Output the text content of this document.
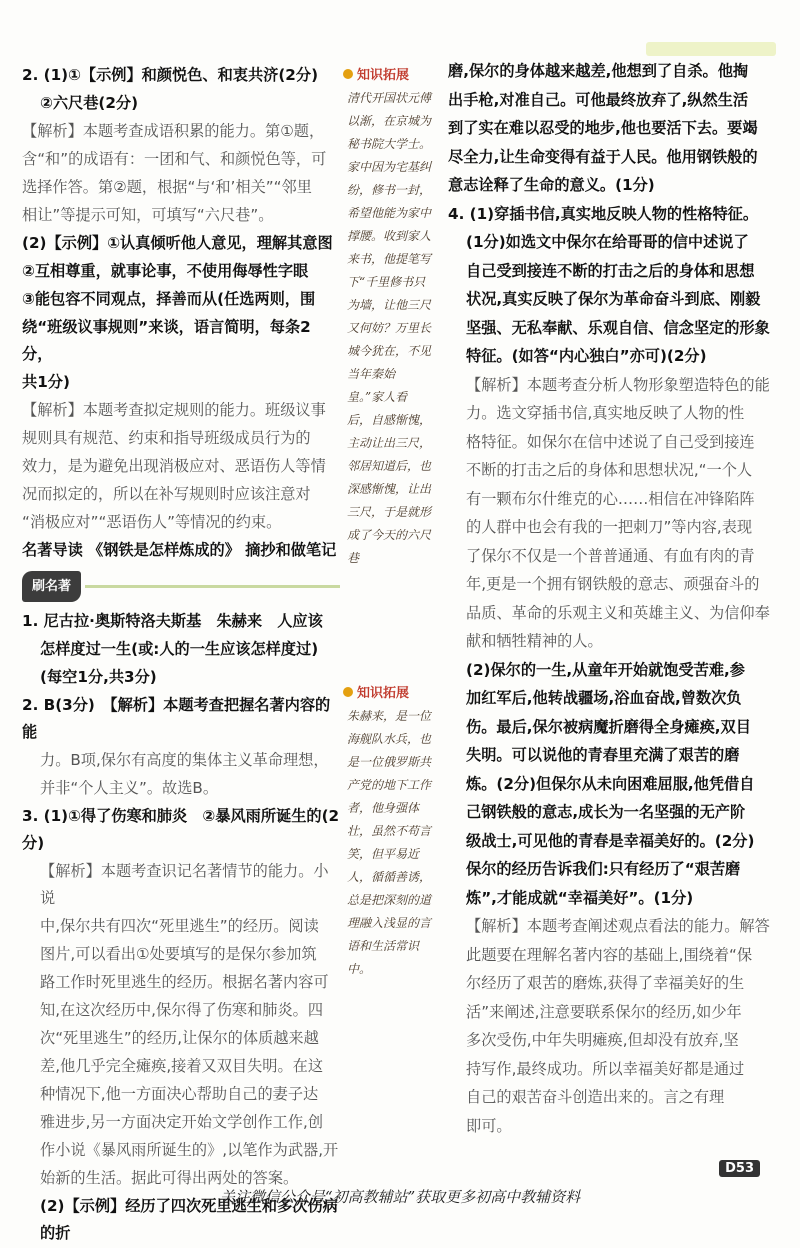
2. (1)①【示例】和颜悦色、和衷共济(2分)
②六尺巷(2分)
【解析】本题考查成语积累的能力。第①题，
含“和”的成语有：一团和气、和颜悦色等，可
选择作答。第②题，根据“与‘和’相关”“邻里
相让”等提示可知，可填写“六尺巷”。
(2)【示例】①认真倾听他人意见，理解其意图
②互相尊重，就事论事，不使用侮辱性字眼
③能包容不同观点，择善而从(任选两则，围
绕“班级议事规则”来谈，语言简明，每条2分，
共1分)
【解析】本题考查拟定规则的能力。班级议事
规则具有规范、约束和指导班级成员行为的
效力，是为避免出现消极应对、恶语伤人等情
况而拟定的，所以在补写规则时应该注意对
“消极应对”“恶语伤人”等情况的约束。
名著导读 《钢铁是怎样炼成的》 摘抄和做笔记
刷名著
1. 尼古拉·奥斯特洛夫斯基　朱赫来　人应该
怎样度过一生(或:人的一生应该怎样度过)
(每空1分,共3分)
2. B(3分)　【解析】本题考查把握名著内容的能
力。B项,保尔有高度的集体主义革命理想，
并非“个人主义”。故选B。
3. (1)①得了伤寒和肺炎　②暴风雨所诞生的(2分)
【解析】本题考查识记名著情节的能力。小说
中,保尔共有四次“死里逃生”的经历。阅读
图片,可以看出①处要填写的是保尔参加筑
路工作时死里逃生的经历。根据名著内容可
知,在这次经历中,保尔得了伤寒和肺炎。四
次“死里逃生”的经历,让保尔的体质越来越
差,他几乎完全瘫痪,接着又双目失明。在这
种情况下,他一方面决心帮助自己的妻子达
雅进步,另一方面决定开始文学创作工作,创
作小说《暴风雨所诞生的》,以笔作为武器,开
始新的生活。据此可得出两处的答案。
(2)【示例】经历了四次死里逃生和多次伤病的折
知识拓展
清代开国状元傅以渐，在京城为秘书院大学士。家中因为宅基纠纷，修书一封，希望他能为家中撑腰。收到家人来书，他提笔写下“千里修书只为墙，让他三尺又何妨？万里长城今犹在，不见当年秦始皇。”家人看后，自感惭愧，主动让出三尺，邻居知道后，也深感惭愧，让出三尺，于是就形成了今天的六尺巷
知识拓展
朱赫来，是一位海舰队水兵，也是一位俄罗斯共产党的地下工作者，他身强体壮，虽然不苟言笑，但平易近人，循循善诱，总是把深刻的道理融入浅显的言语和生活常识中。
磨,保尔的身体越来越差,他想到了自杀。他掏
出手枪,对准自己。可他最终放弃了,纵然生活
到了实在难以忍受的地步,他也要活下去。要竭
尽全力,让生命变得有益于人民。他用钢铁般的
意志诠释了生命的意义。(1分)
4. (1)穿插书信,真实地反映人物的性格特征。
(1分)如选文中保尔在给哥哥的信中述说了
自己受到接连不断的打击之后的身体和思想
状况,真实反映了保尔为革命奋斗到底、刚毅
坚强、无私奉献、乐观自信、信念坚定的形象
特征。(如答“内心独白”亦可)(2分)
【解析】本题考查分析人物形象塑造特色的能
力。选文穿插书信,真实地反映了人物的性
格特征。如保尔在信中述说了自己受到接连
不断的打击之后的身体和思想状况,“一个人
有一颗布尔什维克的心……相信在冲锋陷阵
的人群中也会有我的一把刺刀”等内容,表现
了保尔不仅是一个普普通通、有血有肉的青
年,更是一个拥有钢铁般的意志、顽强奋斗的
品质、革命的乐观主义和英雄主义、为信仰奉
献和牺牲精神的人。
(2)保尔的一生,从童年开始就饱受苦难,参
加红军后,他转战疆场,浴血奋战,曾数次负
伤。最后,保尔被病魔折磨得全身瘫痪,双目
失明。可以说他的青春里充满了艰苦的磨
炼。(2分)但保尔从未向困难屈服,他凭借自
己钢铁般的意志,成长为一名坚强的无产阶
级战士,可见他的青春是幸福美好的。(2分)
保尔的经历告诉我们:只有经历了“艰苦磨
炼”,才能成就“幸福美好”。(1分)
【解析】本题考查阐述观点看法的能力。解答
此题要在理解名著内容的基础上,围绕着“保
尔经历了艰苦的磨炼,获得了幸福美好的生
活”来阐述,注意要联系保尔的经历,如少年
多次受伤,中年失明瘫痪,但却没有放弃,坚
持写作,最终成功。所以幸福美好都是通过
自己的艰苦奋斗创造出来的。言之有理
即可。
D53
关注微信公众号“初高教辅站”获取更多初高中教辅资料
